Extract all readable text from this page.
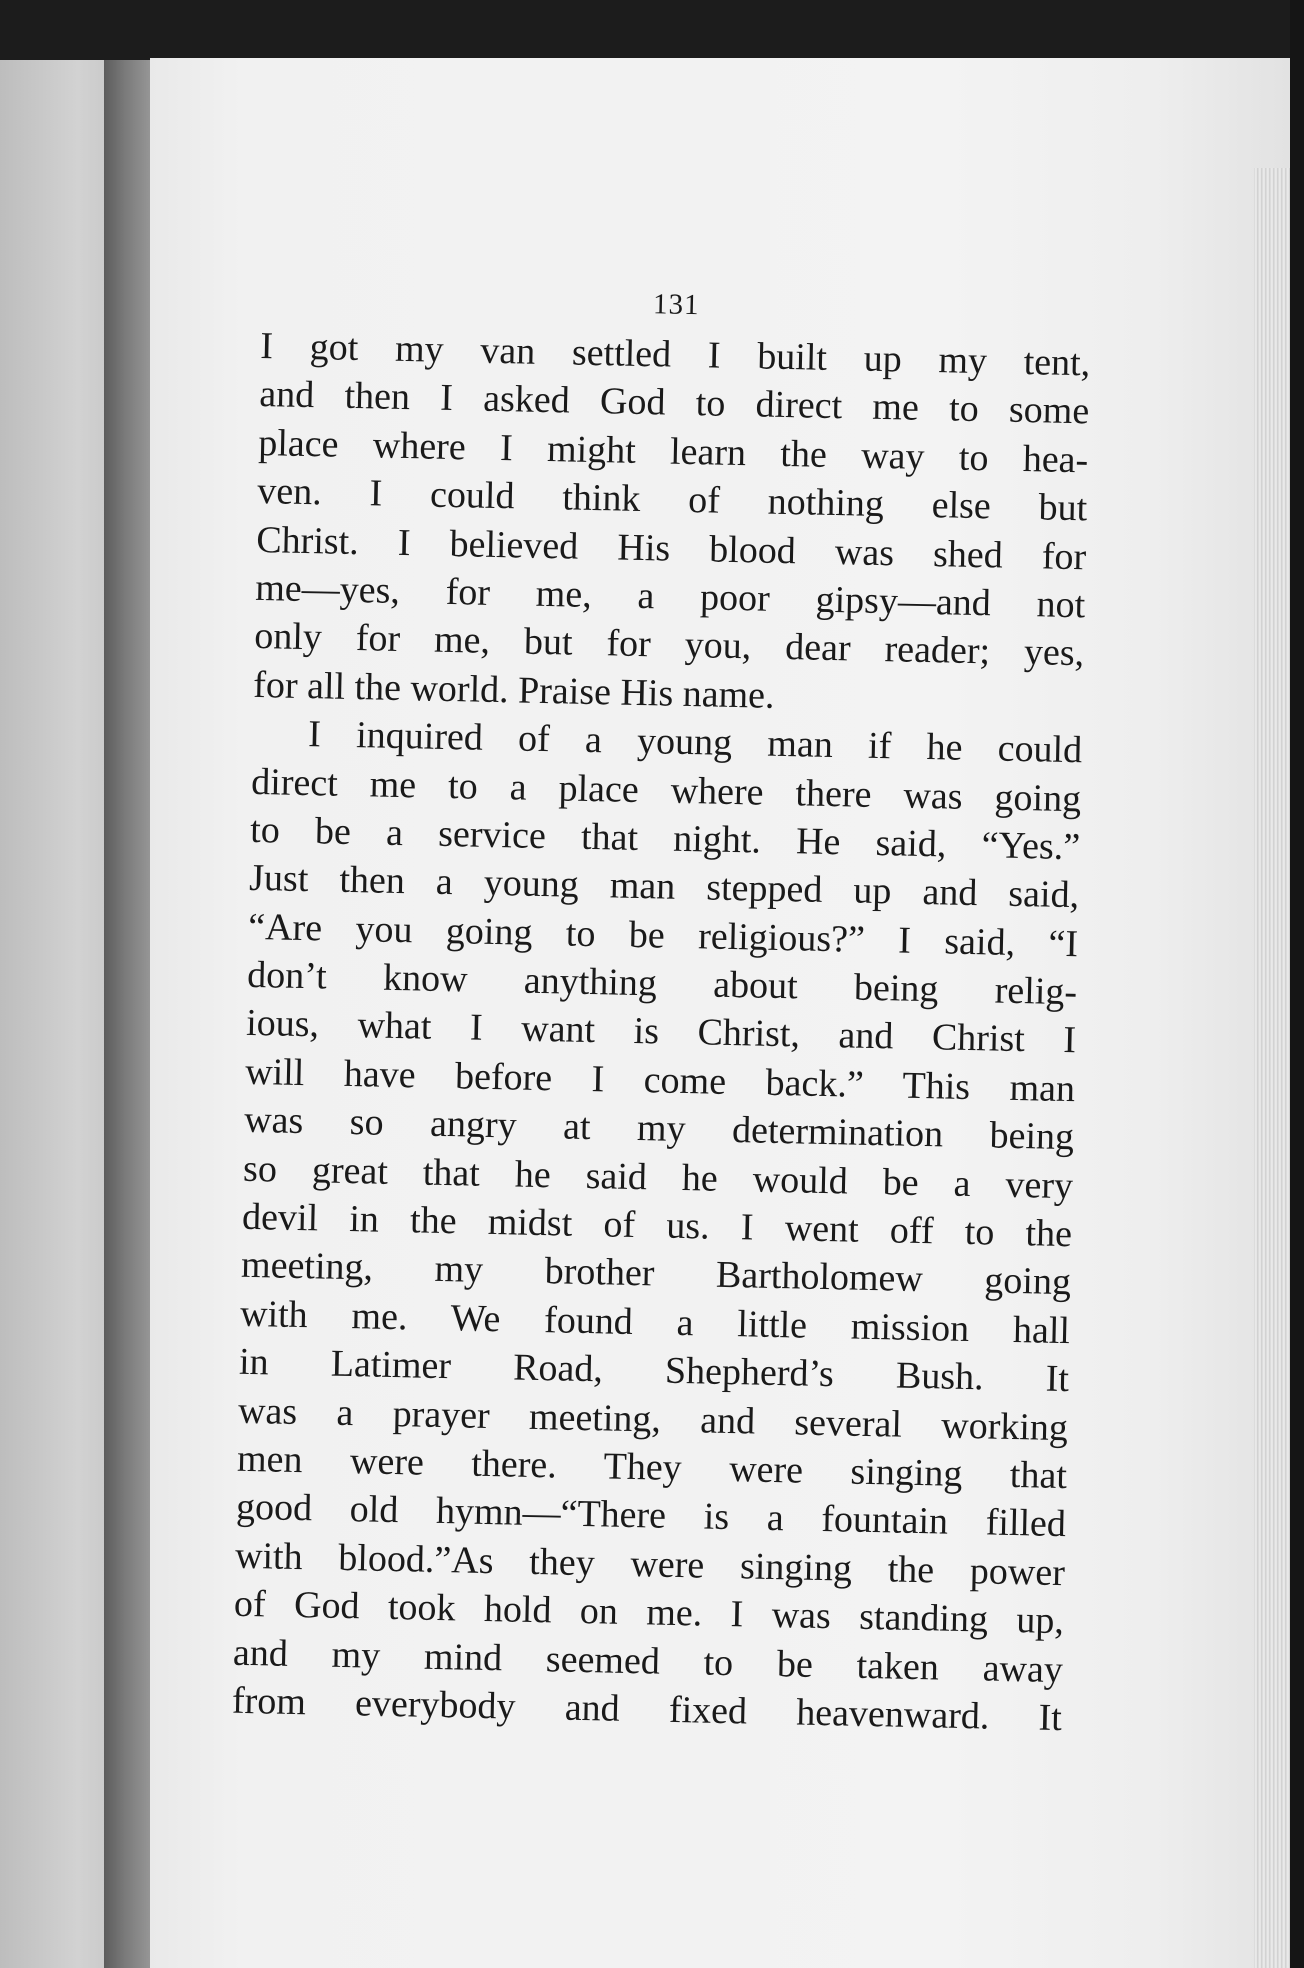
131
I got my van settled I built up my tent,
and then I asked God to direct me to some
place where I might learn the way to hea-
ven. I could think of nothing else but
Christ. I believed His blood was shed for
me—yes, for me, a poor gipsy—and not
only for me, but for you, dear reader; yes,
for all the world. Praise His name.
I inquired of a young man if he could
direct me to a place where there was going
to be a service that night. He said, “Yes.”
Just then a young man stepped up and said,
“Are you going to be religious?” I said, “I
don’t know anything about being relig-
ious, what I want is Christ, and Christ I
will have before I come back.” This man
was so angry at my determination being
so great that he said he would be a very
devil in the midst of us. I went off to the
meeting, my brother Bartholomew going
with me. We found a little mission hall
in Latimer Road, Shepherd’s Bush. It
was a prayer meeting, and several working
men were there. They were singing that
good old hymn—“There is a fountain filled
with blood.”As they were singing the power
of God took hold on me. I was standing up,
and my mind seemed to be taken away
from everybody and fixed heavenward. It
